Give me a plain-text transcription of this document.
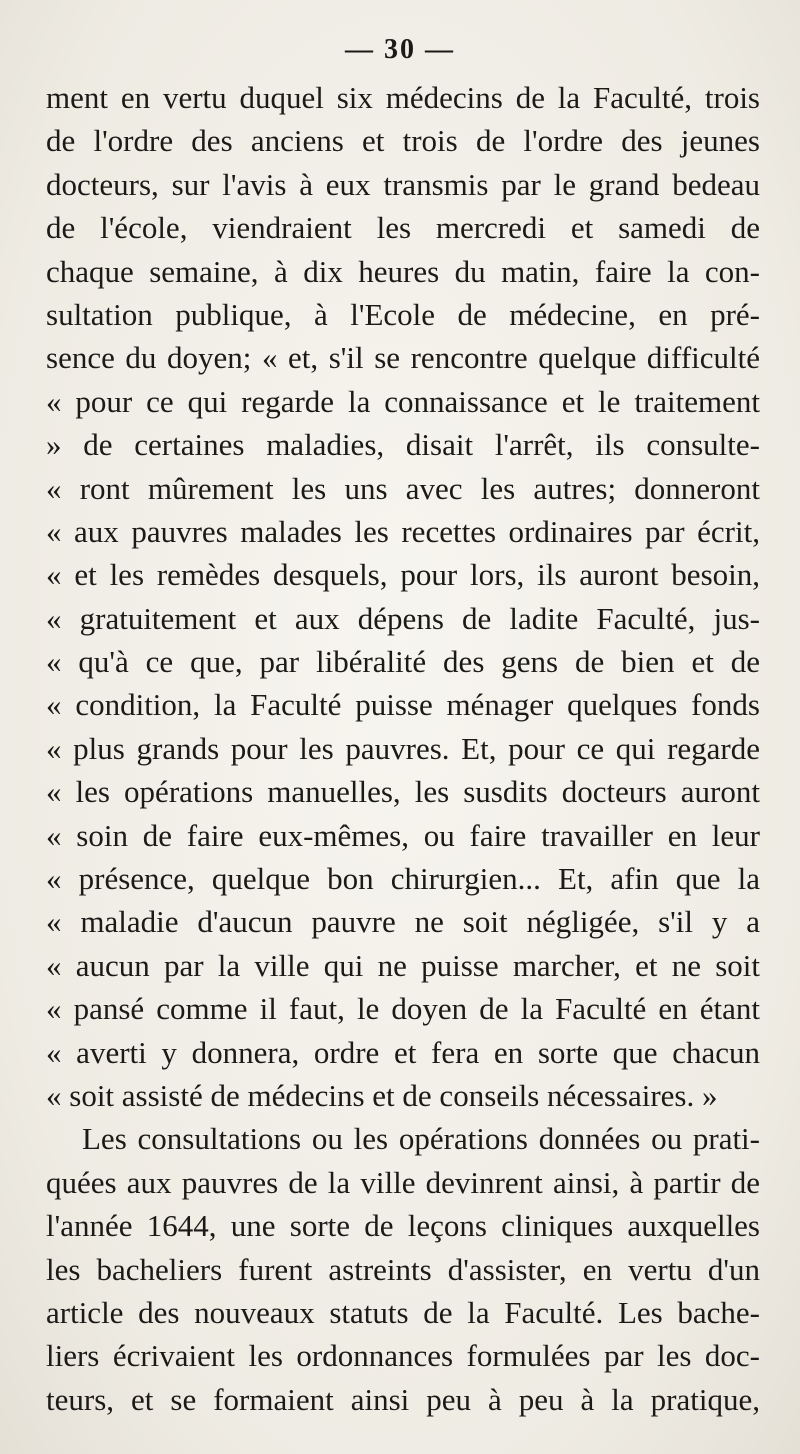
— 30 —
ment en vertu duquel six médecins de la Faculté, trois
de l'ordre des anciens et trois de l'ordre des jeunes
docteurs, sur l'avis à eux transmis par le grand bedeau
de l'école, viendraient les mercredi et samedi de
chaque semaine, à dix heures du matin, faire la con-
sultation publique, à l'Ecole de médecine, en pré-
sence du doyen; « et, s'il se rencontre quelque difficulté
« pour ce qui regarde la connaissance et le traitement
» de certaines maladies, disait l'arrêt, ils consulte-
« ront mûrement les uns avec les autres; donneront
« aux pauvres malades les recettes ordinaires par écrit,
« et les remèdes desquels, pour lors, ils auront besoin,
« gratuitement et aux dépens de ladite Faculté, jus-
« qu'à ce que, par libéralité des gens de bien et de
« condition, la Faculté puisse ménager quelques fonds
« plus grands pour les pauvres. Et, pour ce qui regarde
« les opérations manuelles, les susdits docteurs auront
« soin de faire eux-mêmes, ou faire travailler en leur
« présence, quelque bon chirurgien... Et, afin que la
« maladie d'aucun pauvre ne soit négligée, s'il y a
« aucun par la ville qui ne puisse marcher, et ne soit
« pansé comme il faut, le doyen de la Faculté en étant
« averti y donnera, ordre et fera en sorte que chacun
« soit assisté de médecins et de conseils nécessaires. »
Les consultations ou les opérations données ou prati-
quées aux pauvres de la ville devinrent ainsi, à partir de
l'année 1644, une sorte de leçons cliniques auxquelles
les bacheliers furent astreints d'assister, en vertu d'un
article des nouveaux statuts de la Faculté. Les bache-
liers écrivaient les ordonnances formulées par les doc-
teurs, et se formaient ainsi peu à peu à la pratique,
